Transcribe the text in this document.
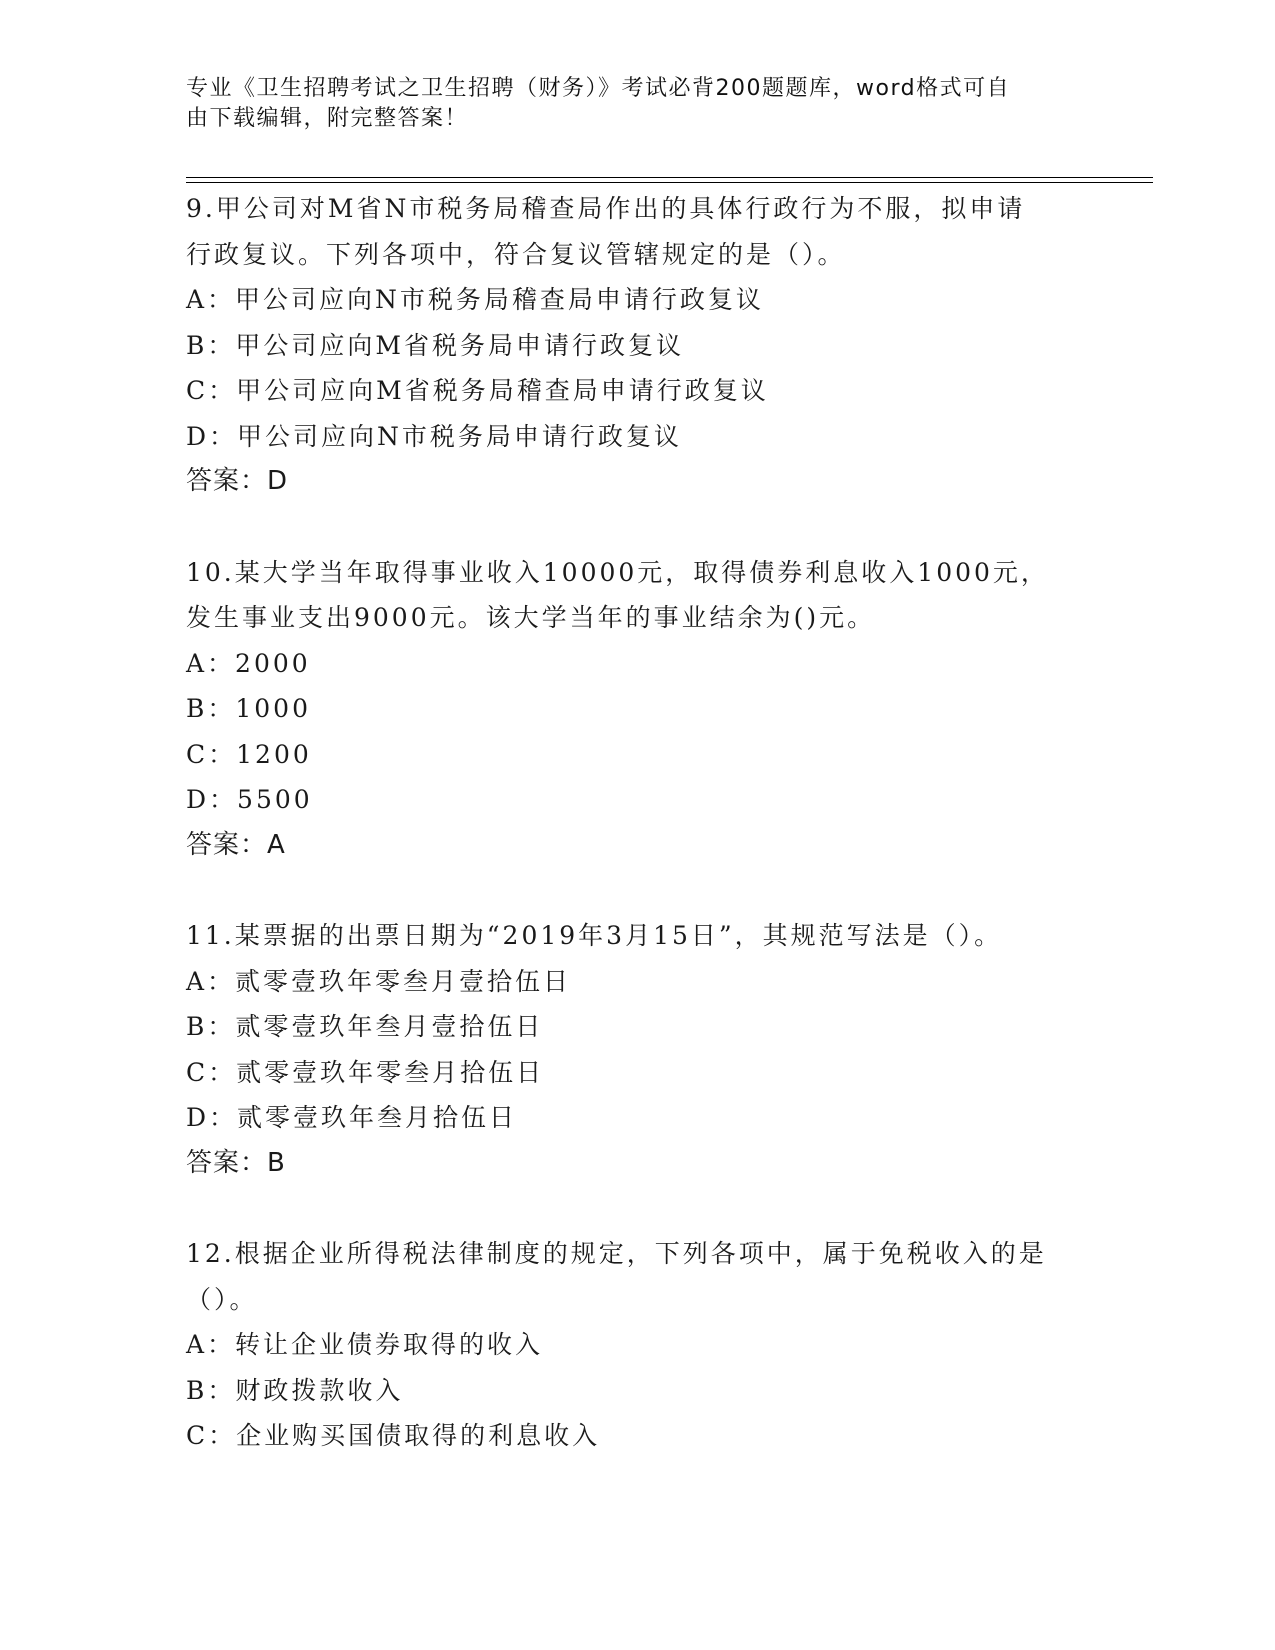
专业《卫生招聘考试之卫生招聘（财务）》考试必背200题题库，word格式可自
由下载编辑，附完整答案！
9.甲公司对M省N市税务局稽查局作出的具体行政行为不服，拟申请
行政复议。下列各项中，符合复议管辖规定的是（）。
A：甲公司应向N市税务局稽查局申请行政复议
B：甲公司应向M省税务局申请行政复议
C：甲公司应向M省税务局稽查局申请行政复议
D：甲公司应向N市税务局申请行政复议
答案：D
10.某大学当年取得事业收入10000元，取得债券利息收入1000元，
发生事业支出9000元。该大学当年的事业结余为()元。
A：2000
B：1000
C：1200
D：5500
答案：A
11.某票据的出票日期为“2019年3月15日”，其规范写法是（）。
A：贰零壹玖年零叁月壹拾伍日
B：贰零壹玖年叁月壹拾伍日
C：贰零壹玖年零叁月拾伍日
D：贰零壹玖年叁月拾伍日
答案：B
12.根据企业所得税法律制度的规定，下列各项中，属于免税收入的是
（）。
A：转让企业债券取得的收入
B：财政拨款收入
C：企业购买国债取得的利息收入
